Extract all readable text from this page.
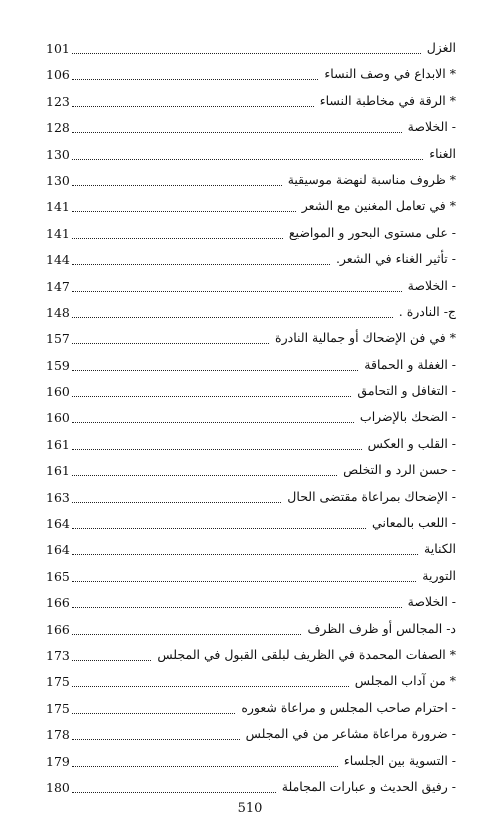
101	الغزل
106	* الابداع في وصف النساء
123	* الرقة في مخاطبة النساء
128	- الخلاصة
130	الغناء
130	* ظروف مناسبة لنهضة موسيقية
141	* في تعامل المغنين مع الشعر
141	- على مستوى البحور و المواضيع
144	- تأثير الغناء في الشعر.
147	- الخلاصة
148	ج- النادرة .
157	* في فن الإضحاك أو جمالية النادرة
159	- الغفلة و الحماقة
160	- التغافل و التحامق
160	- الضحك بالإضراب
161	- القلب و العكس
161	- حسن الرد و التخلص
163	- الإضحاك بمراعاة مقتضى الحال
164	- اللعب بالمعاني
164	الكناية
165	التورية
166	- الخلاصة
166	د- المجالس أو ظرف الظرف
173	* الصفات المحمدة في الظريف لبلقى القبول في المجلس
175	* من آداب المجلس
175	- احترام صاحب المجلس و مراعاة شعوره
178	- ضرورة مراعاة مشاعر من في المجلس
179	- التسوية بين الجلساء
180	- رفيق الحديث و عبارات المجاملة
510
